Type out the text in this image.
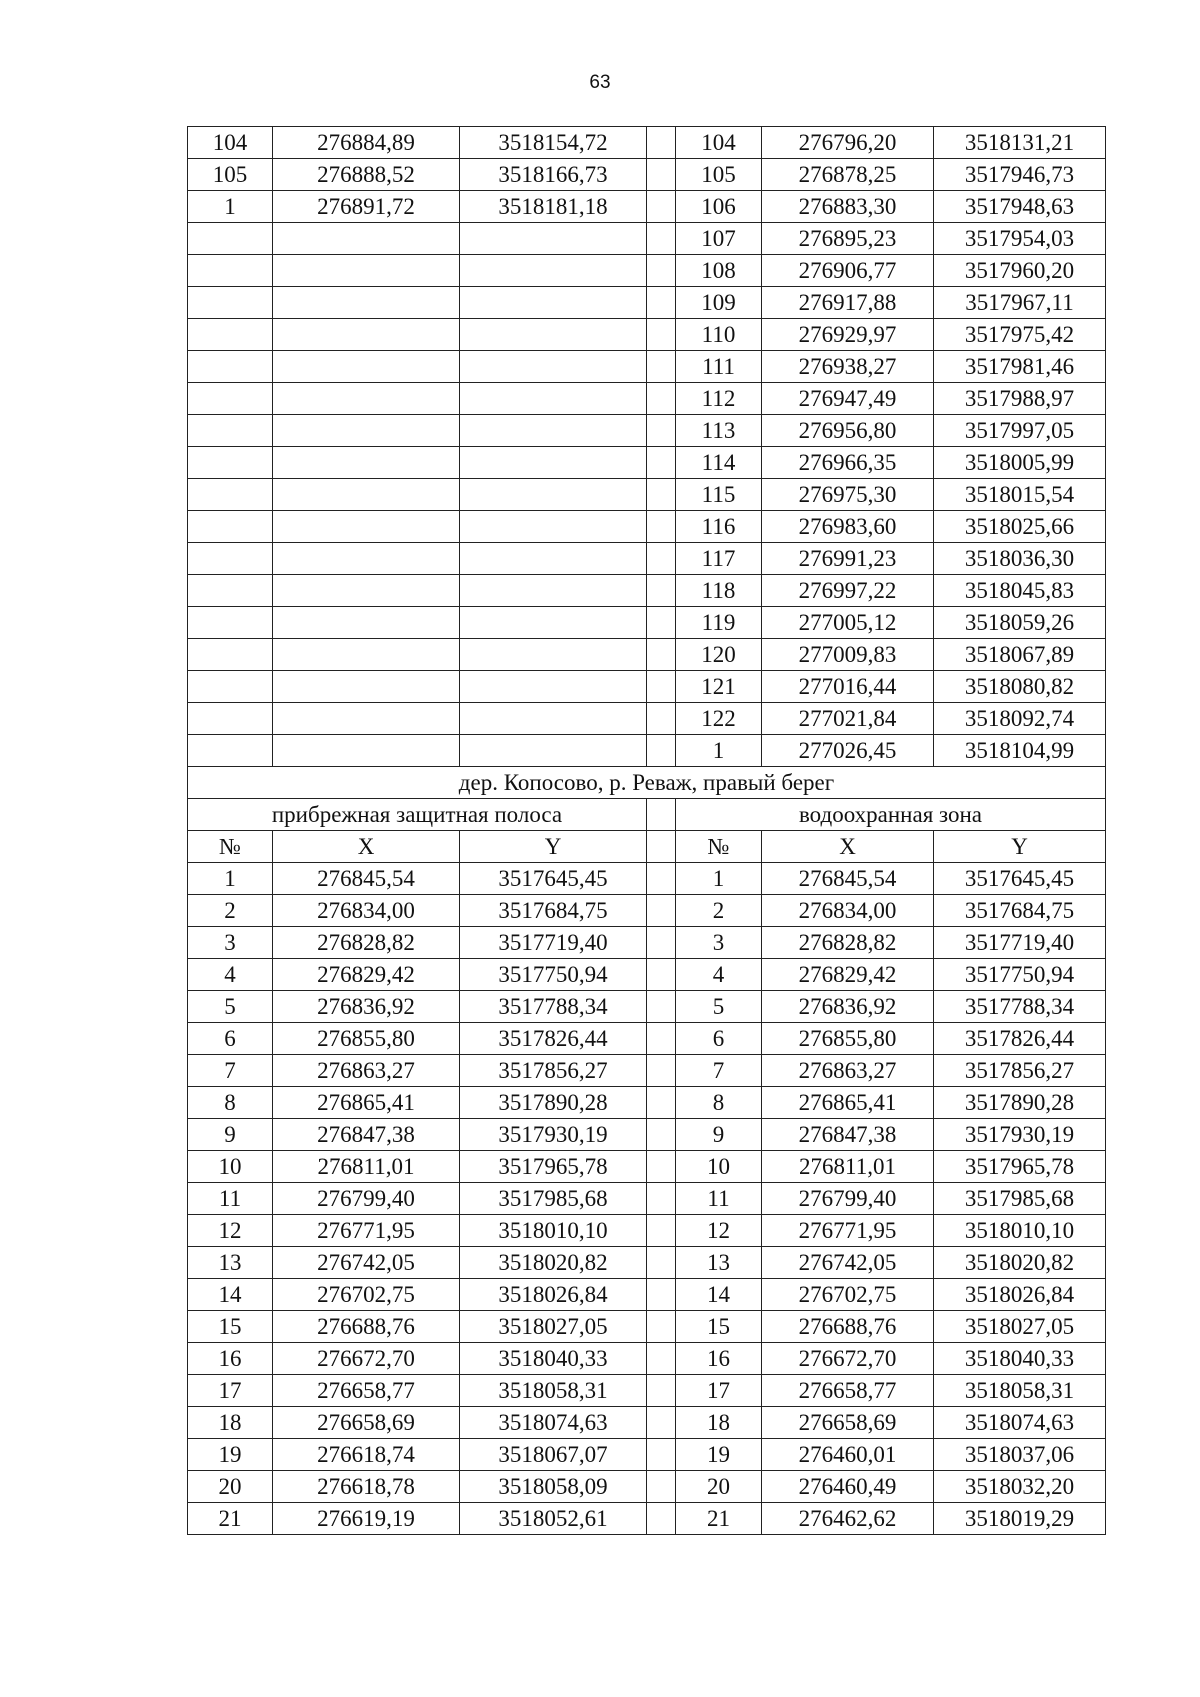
63
104	276884,89	3518154,72		104	276796,20	3518131,21
105	276888,52	3518166,73		105	276878,25	3517946,73
1	276891,72	3518181,18		106	276883,30	3517948,63
				107	276895,23	3517954,03
				108	276906,77	3517960,20
				109	276917,88	3517967,11
				110	276929,97	3517975,42
				111	276938,27	3517981,46
				112	276947,49	3517988,97
				113	276956,80	3517997,05
				114	276966,35	3518005,99
				115	276975,30	3518015,54
				116	276983,60	3518025,66
				117	276991,23	3518036,30
				118	276997,22	3518045,83
				119	277005,12	3518059,26
				120	277009,83	3518067,89
				121	277016,44	3518080,82
				122	277021,84	3518092,74
				1	277026,45	3518104,99
дер. Копосово, р. Реваж, правый берег						
прибрежная защитная полоса				водоохранная зона		
№	X	Y		№	X	Y
1	276845,54	3517645,45		1	276845,54	3517645,45
2	276834,00	3517684,75		2	276834,00	3517684,75
3	276828,82	3517719,40		3	276828,82	3517719,40
4	276829,42	3517750,94		4	276829,42	3517750,94
5	276836,92	3517788,34		5	276836,92	3517788,34
6	276855,80	3517826,44		6	276855,80	3517826,44
7	276863,27	3517856,27		7	276863,27	3517856,27
8	276865,41	3517890,28		8	276865,41	3517890,28
9	276847,38	3517930,19		9	276847,38	3517930,19
10	276811,01	3517965,78		10	276811,01	3517965,78
11	276799,40	3517985,68		11	276799,40	3517985,68
12	276771,95	3518010,10		12	276771,95	3518010,10
13	276742,05	3518020,82		13	276742,05	3518020,82
14	276702,75	3518026,84		14	276702,75	3518026,84
15	276688,76	3518027,05		15	276688,76	3518027,05
16	276672,70	3518040,33		16	276672,70	3518040,33
17	276658,77	3518058,31		17	276658,77	3518058,31
18	276658,69	3518074,63		18	276658,69	3518074,63
19	276618,74	3518067,07		19	276460,01	3518037,06
20	276618,78	3518058,09		20	276460,49	3518032,20
21	276619,19	3518052,61		21	276462,62	3518019,29
